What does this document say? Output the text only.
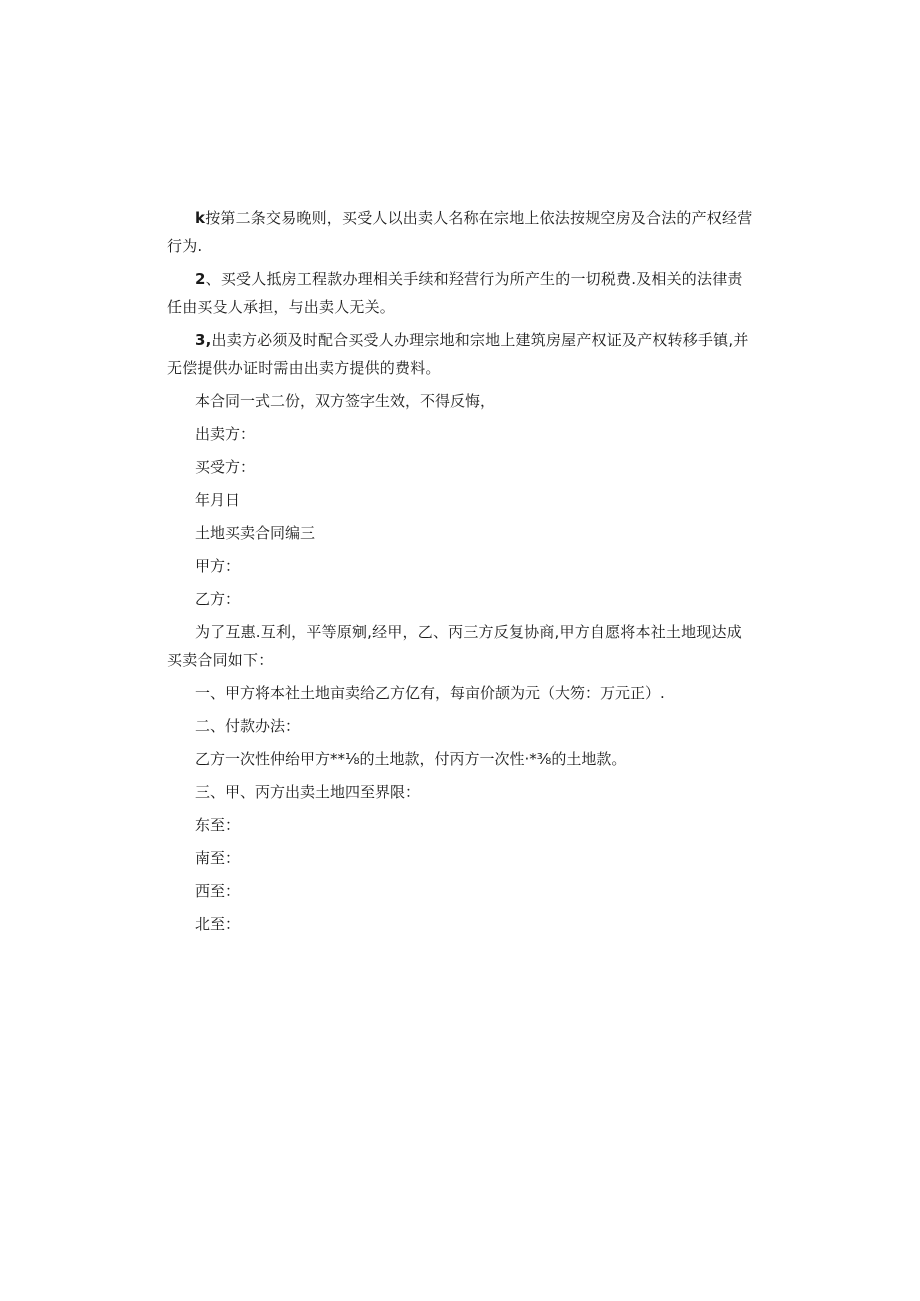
k按第二条交易晚则，买受人以出卖人名称在宗地上依法按规空房及合法的产权经营行为.

2、买受人抵房工程款办理相关手续和羟营行为所产生的一切税费.及相关的法律责任由买殳人承担，与出卖人无关。

3,出卖方必须及时配合买受人办理宗地和宗地上建筑房屋产权证及产权转移手镇,并无偿提供办证时需由出卖方提供的费料。

本合同一式二份，双方签字生效，不得反悔，

出卖方：

买受方：

年月日

土地买卖合同编三

甲方：

乙方：

为了互惠.互利，平等原剜,经甲，乙、丙三方反复协商,甲方自愿将本社土地现达成买卖合同如下：

一、甲方将本社土地亩卖给乙方亿有，每亩价颉为元（大笏：万元正）.

二、付款办法：

乙方一次性仲绐甲方**⅛的土地款，付丙方一次性·*⅜的土地款。

三、甲、丙方出卖土地四至界限：

东至：

南至：

西至：

北至：
